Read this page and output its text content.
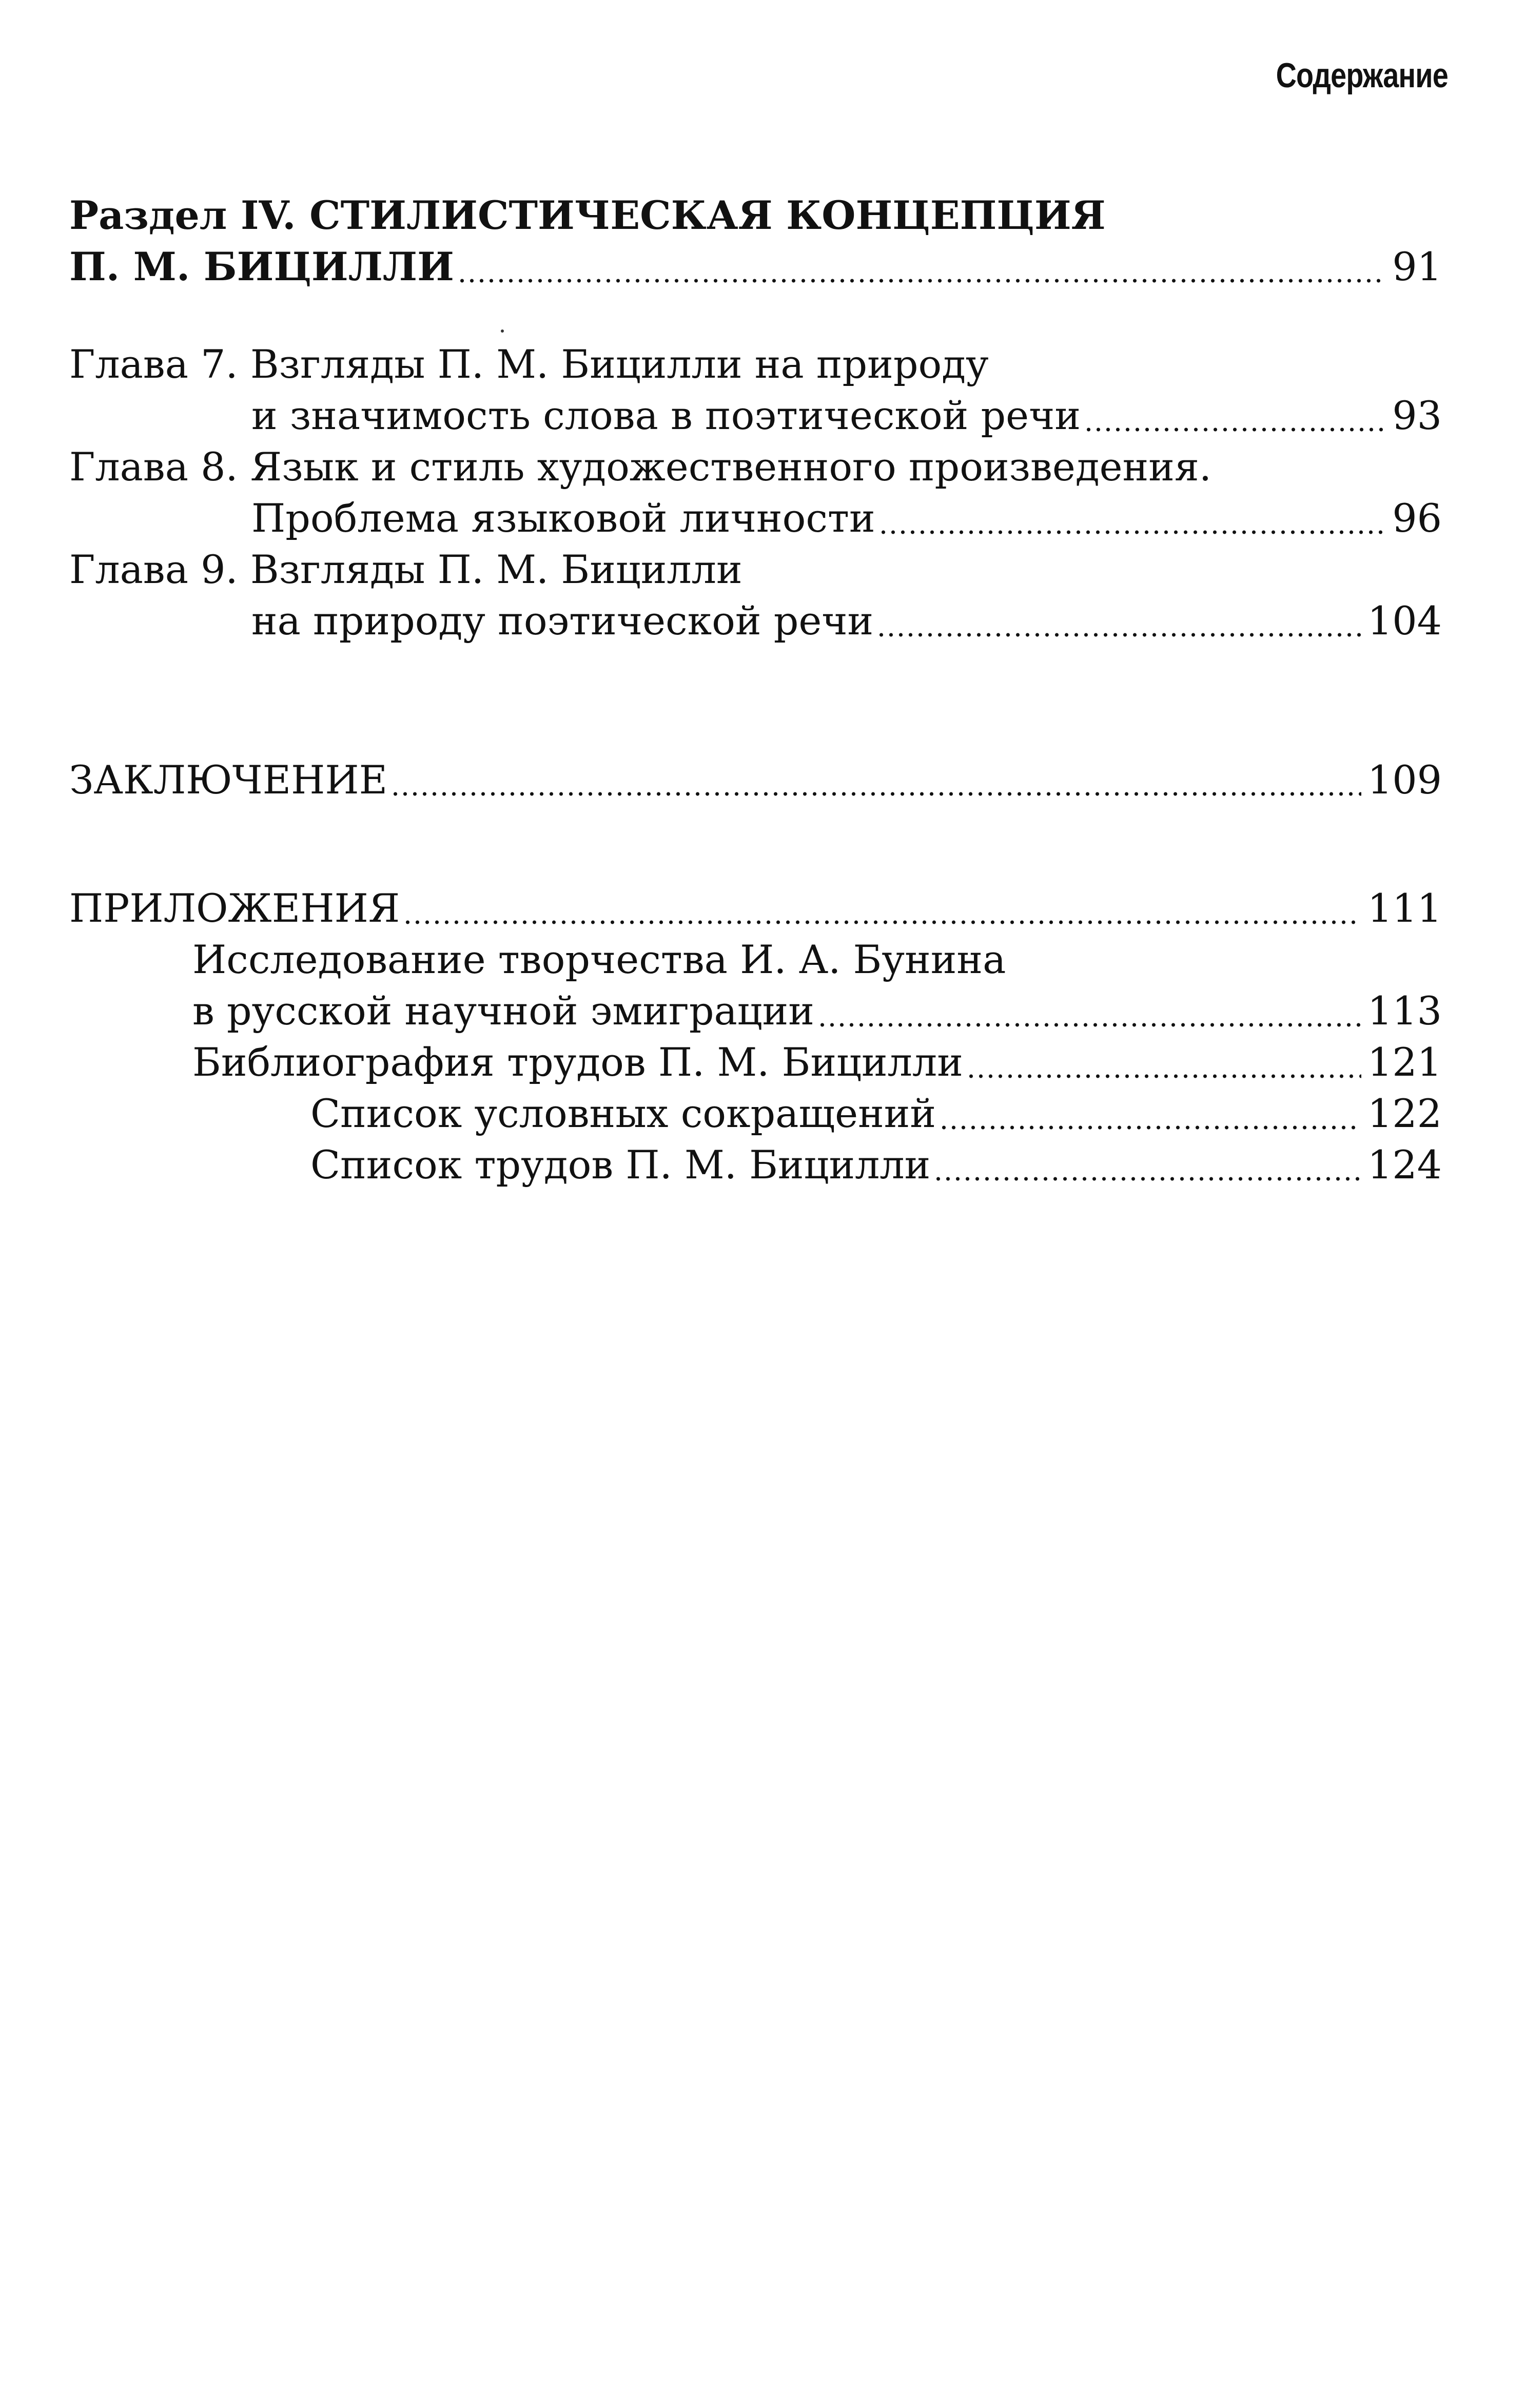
Содержание
Раздел IV. СТИЛИСТИЧЕСКАЯ КОНЦЕПЦИЯ
П. М. БИЦИЛЛИ	91
Глава 7. Взгляды П. М. Бицилли на природу
и значимость слова в поэтической речи	93
Глава 8. Язык и стиль художественного произведения.
Проблема языковой личности	96
Глава 9. Взгляды П. М. Бицилли
на природу поэтической речи	104
ЗАКЛЮЧЕНИЕ	109
ПРИЛОЖЕНИЯ	111
Исследование творчества И. А. Бунина
в русской научной эмиграции	113
Библиография трудов П. М. Бицилли	121
Список условных сокращений	122
Список трудов П. М. Бицилли	124
